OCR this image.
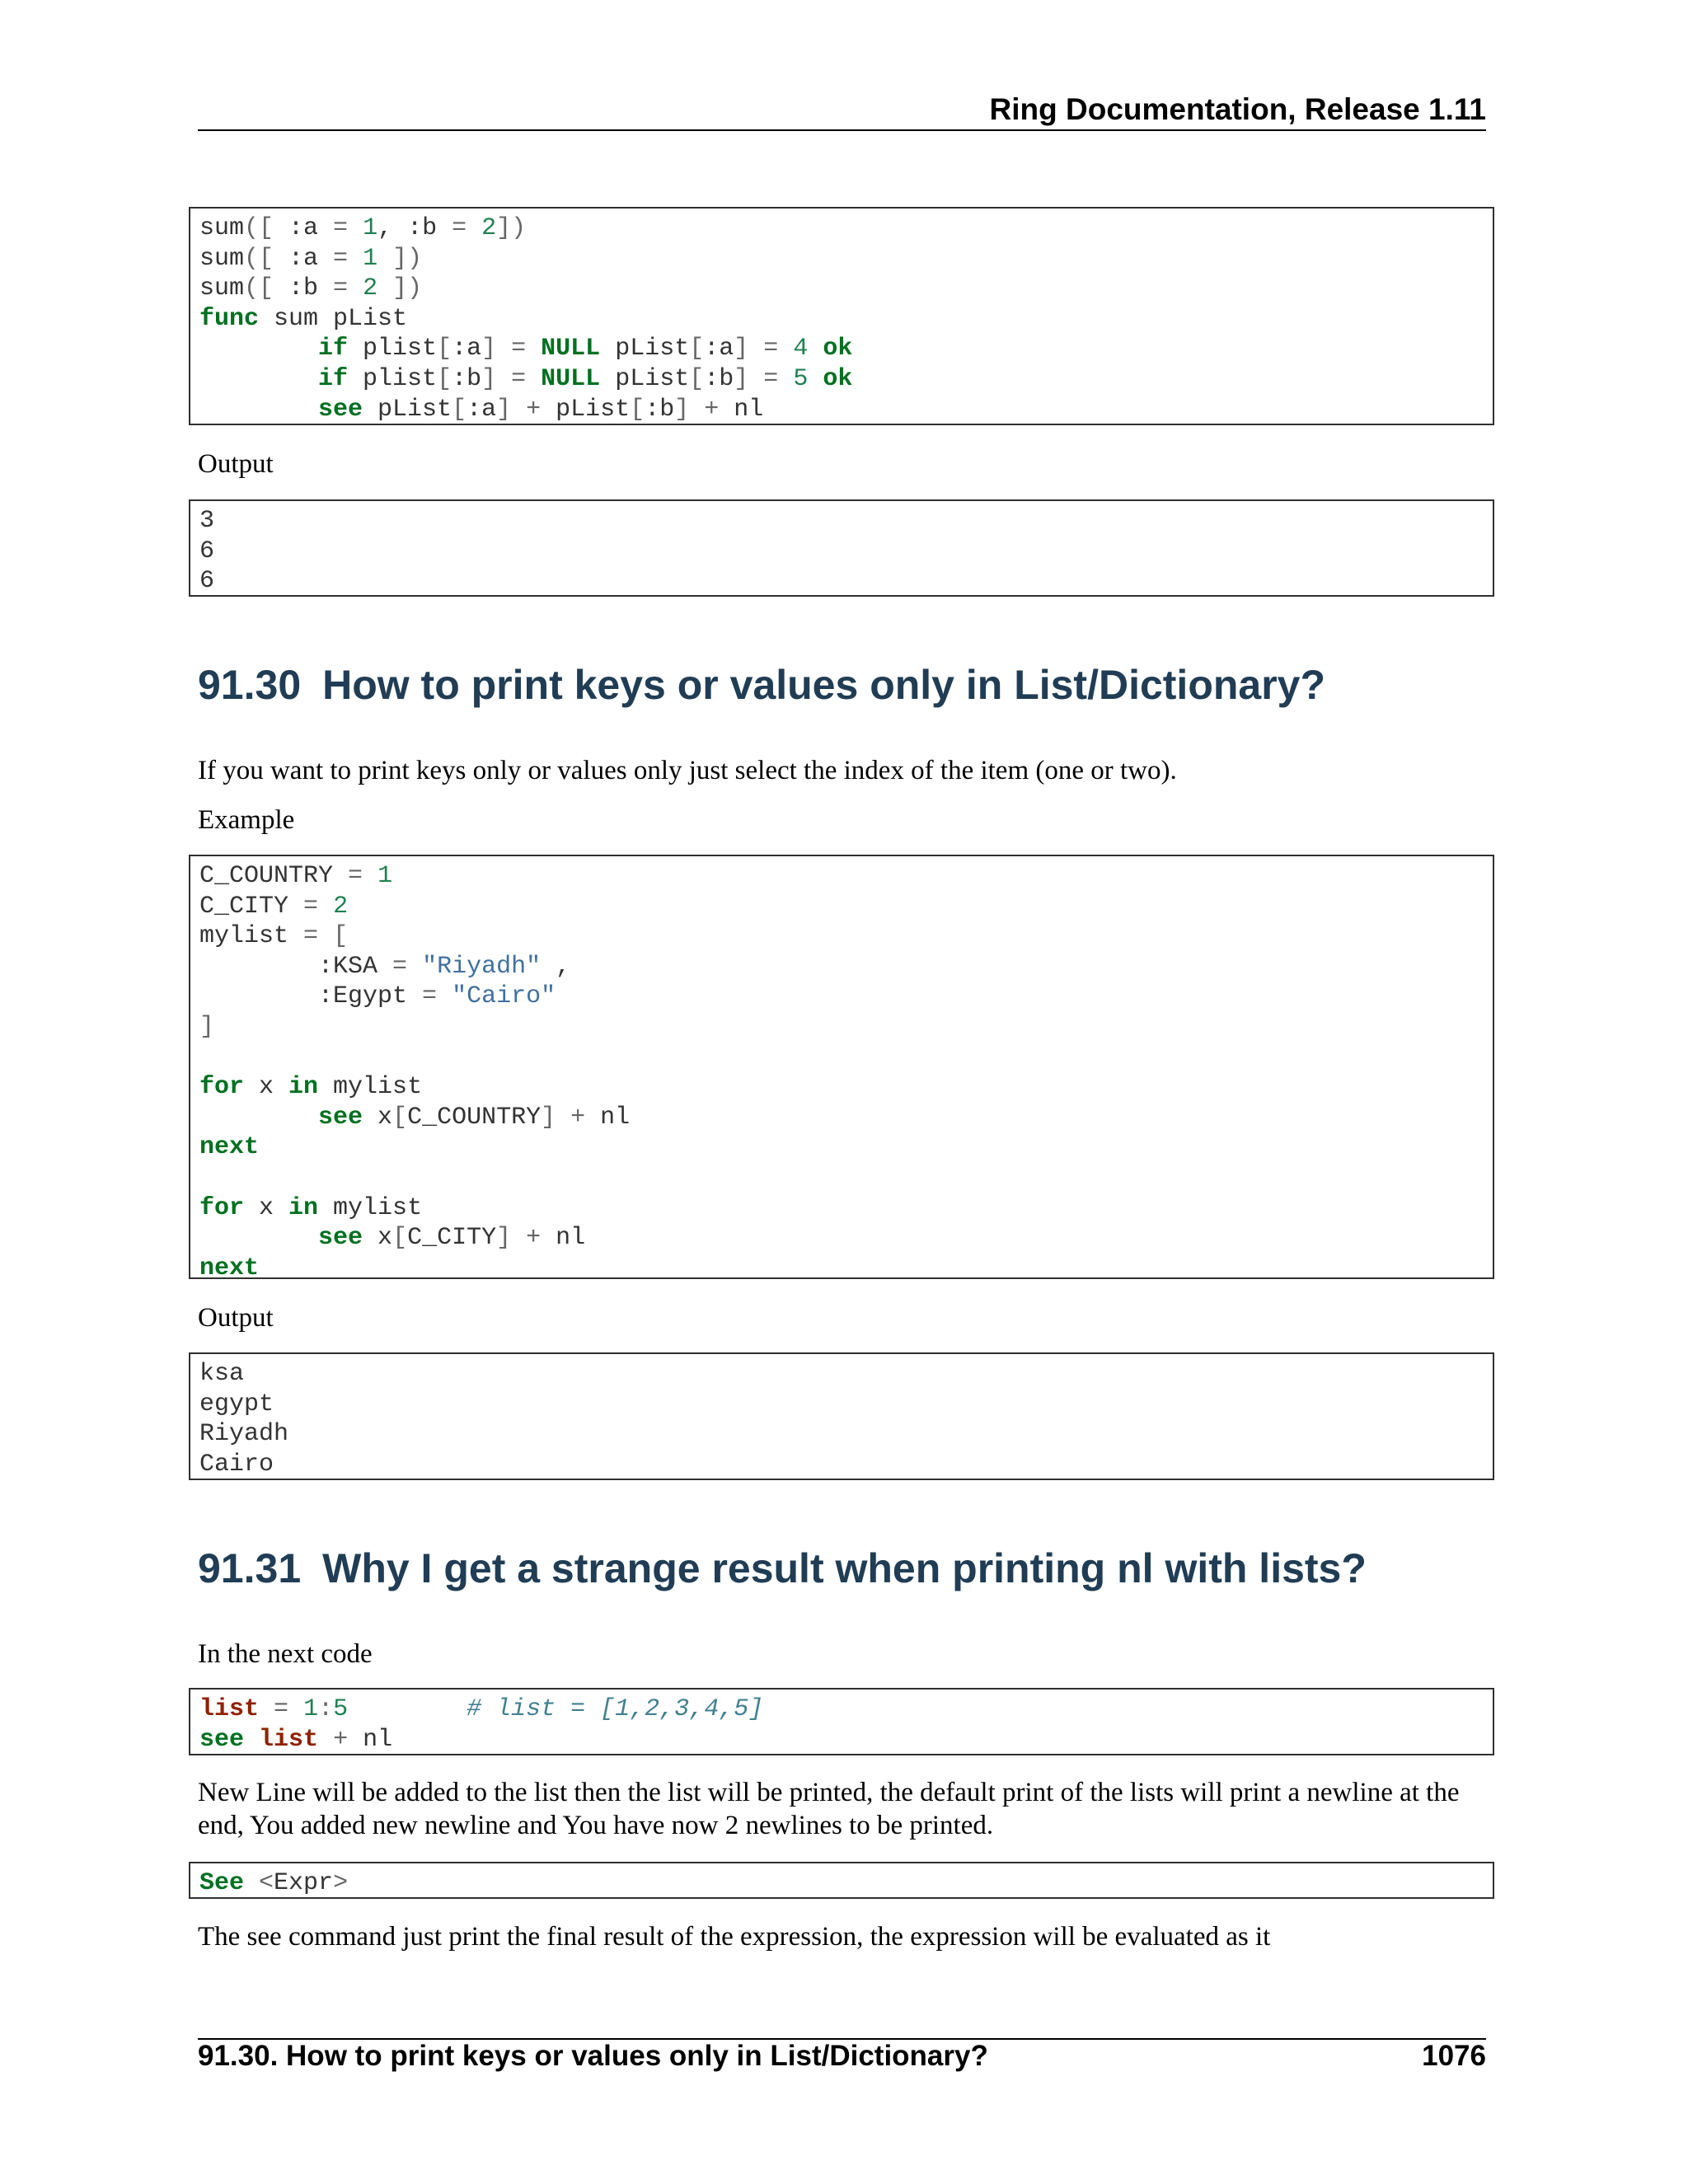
Ring Documentation, Release 1.11
sum([ :a = 1, :b = 2])
sum([ :a = 1 ])
sum([ :b = 2 ])
func sum pList
if plist[:a] = NULL pList[:a] = 4 ok
if plist[:b] = NULL pList[:b] = 5 ok
see pList[:a] + pList[:b] + nl
Output
3
6
6
91.30 How to print keys or values only in List/Dictionary?
If you want to print keys only or values only just select the index of the item (one or two).
Example
C_COUNTRY = 1
C_CITY = 2
mylist = [
:KSA = "Riyadh" ,
:Egypt = "Cairo"
]
for x in mylist
see x[C_COUNTRY] + nl
next
for x in mylist
see x[C_CITY] + nl
next
Output
ksa
egypt
Riyadh
Cairo
91.31 Why I get a strange result when printing nl with lists?
In the next code
list = 1:5	# list = [1,2,3,4,5]
see list + nl
New Line will be added to the list then the list will be printed, the default print of the lists will print a newline at the end, You added new newline and You have now 2 newlines to be printed.
See <Expr>
The see command just print the final result of the expression, the expression will be evaluated as it
91.30. How to print keys or values only in List/Dictionary?	1076
